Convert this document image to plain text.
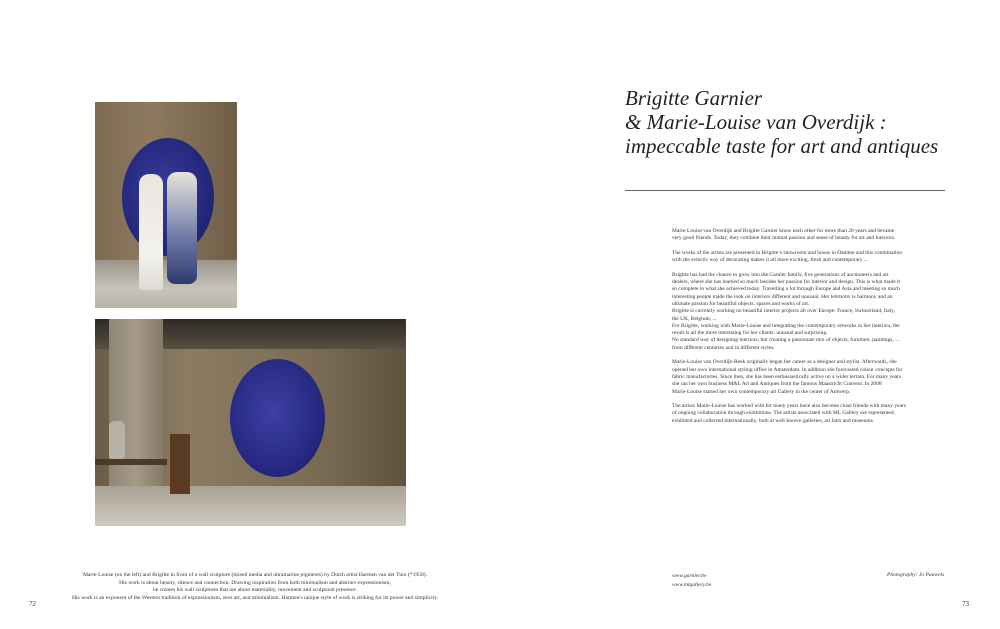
Marie-Louise (on the left) and Brigitte in front of a wall sculpture (mixed media and ultramarine pigments) by Dutch artist Harmen van der Tuin (*1958).
His work is about beauty, silence and connection. Drawing inspiration from both minimalism and abstract expressionism,
he creates his wall sculptures that are about materiality, movement and sculptural presence.
His work is an exponent of the Western tradition of expressionism, zero art, and minimalism. Harmen's unique style of work is striking for its power and simplicity.
72
Brigitte Garnier
& Marie-Louise van Overdijk :
impeccable taste for art and antiques

Marie-Louise van Overdijk and Brigitte Garnier know each other for more than 28 years and became
very good friends. Today, they combine their mutual passion and sense of beauty for art and interiors.

The works of the artists are presented in Brigitte’s showroom and house in Damme and this combination
with the eclectic way of decorating makes it all more exciting, fresh and contemporary ...

Brigitte has had the chance to grow into the Garnier family, five generations of auctioneers and art
dealers, where she has learned so much besides her passion for interior and design. This is what made it
so complete to what she achieved today. Travelling a lot through Europe and Asia and meeting so much
interesting people made the look on interiors different and unusual. Her leitmotiv is harmony and an
ultimate passion for beautiful objects, spaces and works of art.
Brigitte is currently working on beautiful interior projects all over Europe: France, Switzerland, Italy,
the UK, Belgium, ...
For Brigitte, working with Marie-Louise and integrating the contemporary artworks in her interiors, the
result is all the more interesting for her clients: unusual and surprising.
No standard way of designing interiors, but creating a passionate mix of objects, furniture, paintings, …
from different centuries and in different styles.

Marie-Louise van Overdijk-Reek originally began her career as a designer and stylist. Afterwards, she
opened her own international styling office in Amsterdam. In addition she forecasted colour concepts for
fabric manufactories. Since then, she has been enthusiastically active on a wider terrain. For many years
she ran her own business M&L Art and Antiques from the famous Maastricht Convent. In 2008
Marie-Louise started her own contemporary art Gallery in the center of Antwerp.

The artists Marie-Louise has worked with for many years have also become close friends with many years
of ongoing collaboration through exhibitions. The artists associated with ML Gallery are represented,
exhibited and collected internationally, both at well-known galleries, art fairs and museums.

www.garnier.be
www.mlgallery.be
Photography: Jo Pauwels
73
